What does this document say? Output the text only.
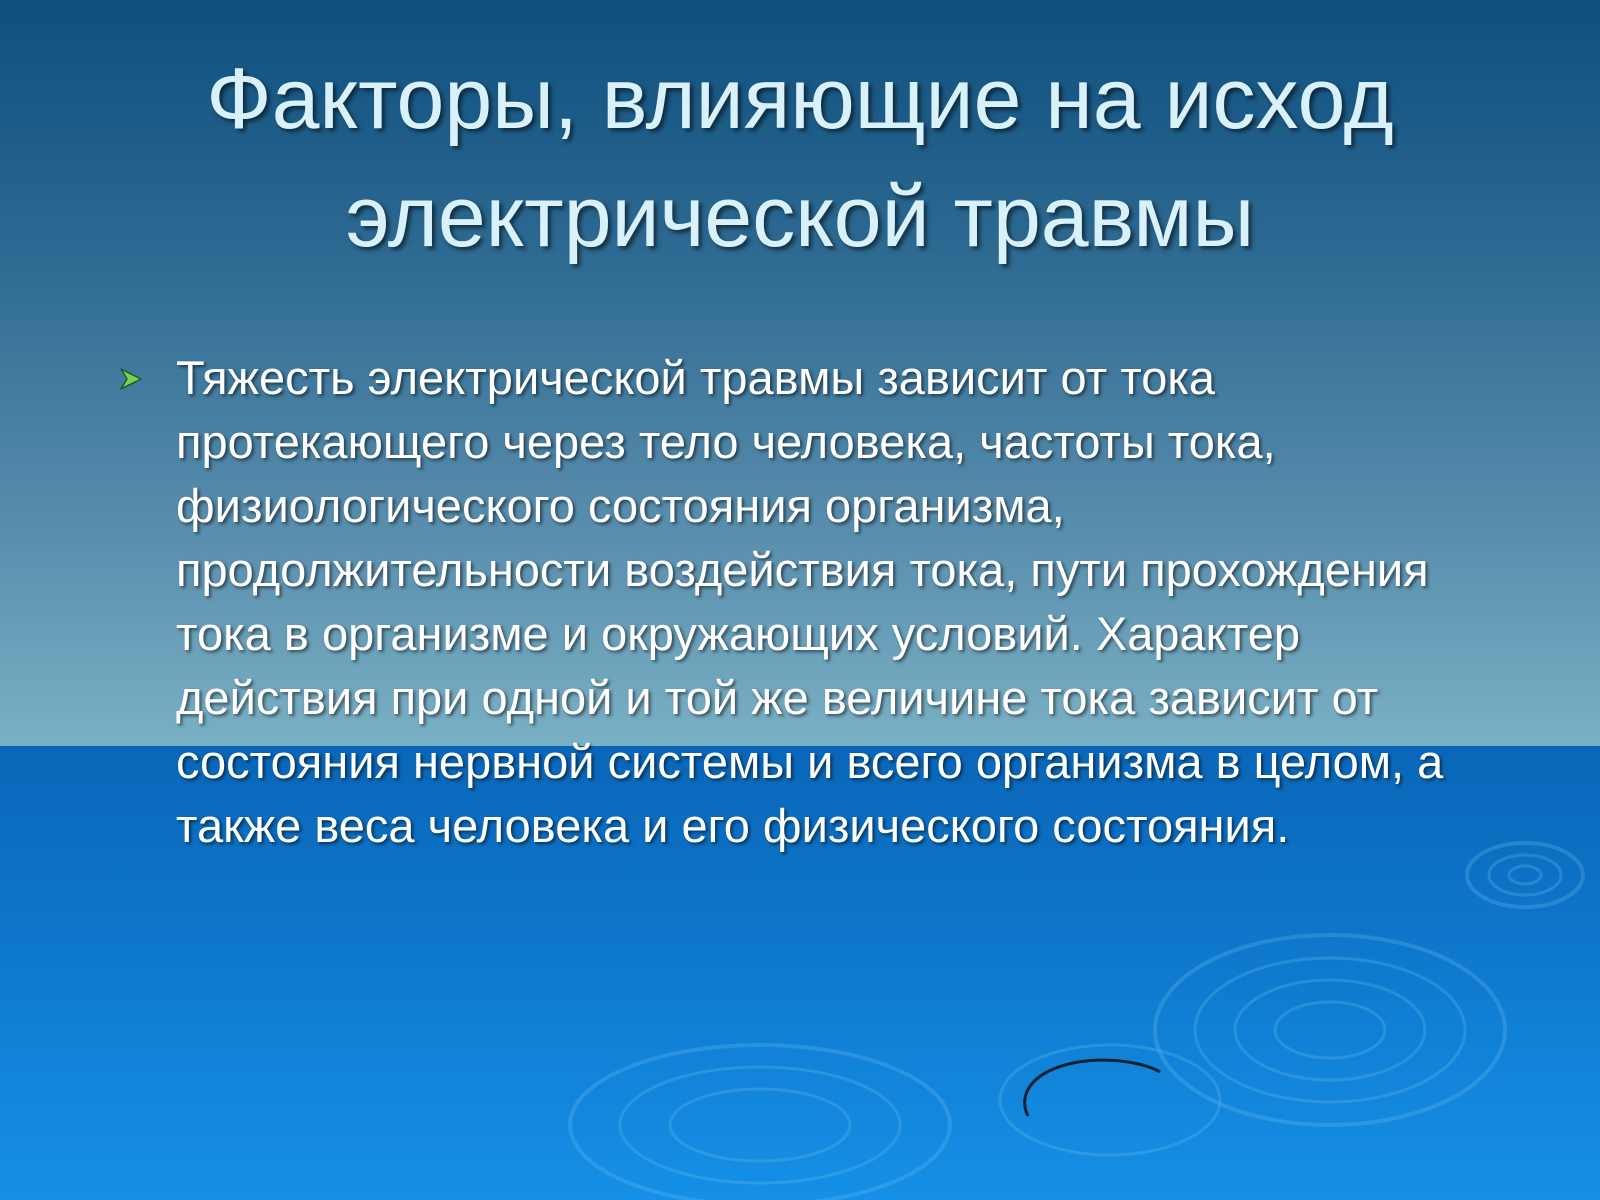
Факторы, влияющие на исход электрической травмы
Тяжесть электрической травмы зависит от тока протекающего через тело человека, частоты тока, физиологического состояния организма, продолжительности воздействия тока, пути прохождения тока в организме и окружающих условий. Характер действия при одной и той же величине тока зависит от состояния нервной системы и всего организма в целом, а также веса человека и его физического состояния.
